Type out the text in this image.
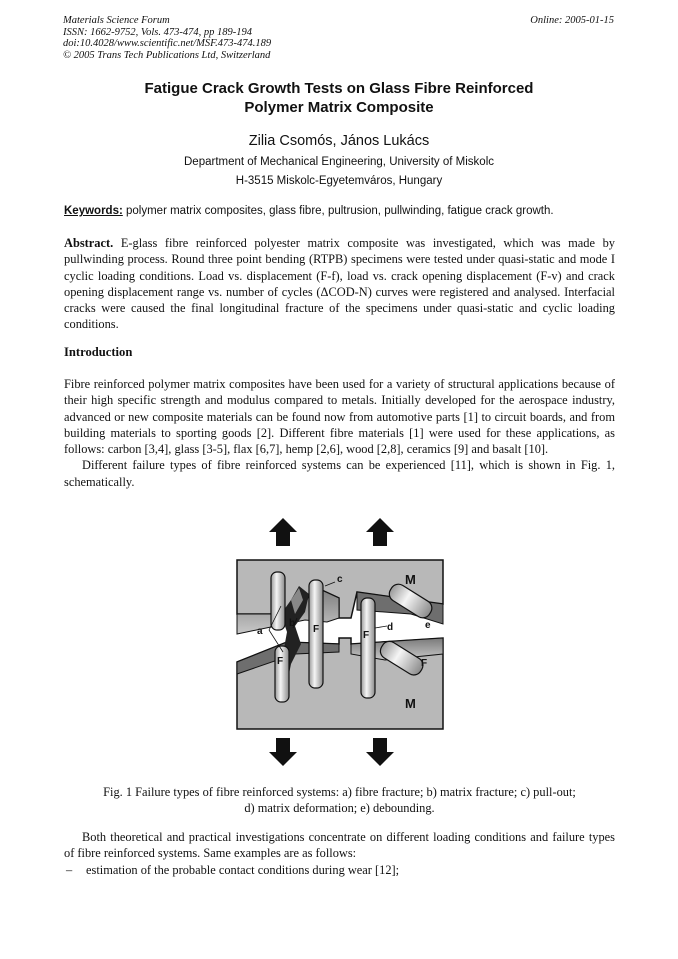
Materials Science Forum
ISSN: 1662-9752, Vols. 473-474, pp 189-194
doi:10.4028/www.scientific.net/MSF.473-474.189
© 2005 Trans Tech Publications Ltd, Switzerland
Online: 2005-01-15
Fatigue Crack Growth Tests on Glass Fibre Reinforced
Polymer Matrix Composite
Zilia Csomós, János Lukács
Department of Mechanical Engineering, University of Miskolc
H-3515 Miskolc-Egyetemváros, Hungary
Keywords: polymer matrix composites, glass fibre, pultrusion, pullwinding, fatigue crack growth.

Abstract. E-glass fibre reinforced polyester matrix composite was investigated, which was made by pullwinding process. Round three point bending (RTPB) specimens were tested under quasi-static and mode I cyclic loading conditions. Load vs. displacement (F-f), load vs. crack opening displacement (F-v) and crack opening displacement range vs. number of cycles (ΔCOD-N) curves were registered and analysed. Interfacial cracks were caused the final longitudinal fracture of the specimens under quasi-static and cyclic loading conditions.

Introduction

Fibre reinforced polymer matrix composites have been used for a variety of structural applications because of their high specific strength and modulus compared to metals. Initially developed for the aerospace industry, advanced or new composite materials can be found now from automotive parts [1] to circuit boards, and from building materials to sporting goods [2]. Different fibre materials [1] were used for these applications, as follows: carbon [3,4], glass [3-5], flax [6,7], hemp [2,6], wood [2,8], ceramics [9] and basalt [10].

Different failure types of fibre reinforced systems can be experienced [11], which is shown in Fig. 1, schematically.

M
M
a
b
c
d	e
F
F
F	F
Fig. 1 Failure types of fibre reinforced systems: a) fibre fracture; b) matrix fracture; c) pull-out;
d) matrix deformation; e) debounding.

Both theoretical and practical investigations concentrate on different loading conditions and failure types of fibre reinforced systems. Same examples are as follows:

– estimation of the probable contact conditions during wear [12];
